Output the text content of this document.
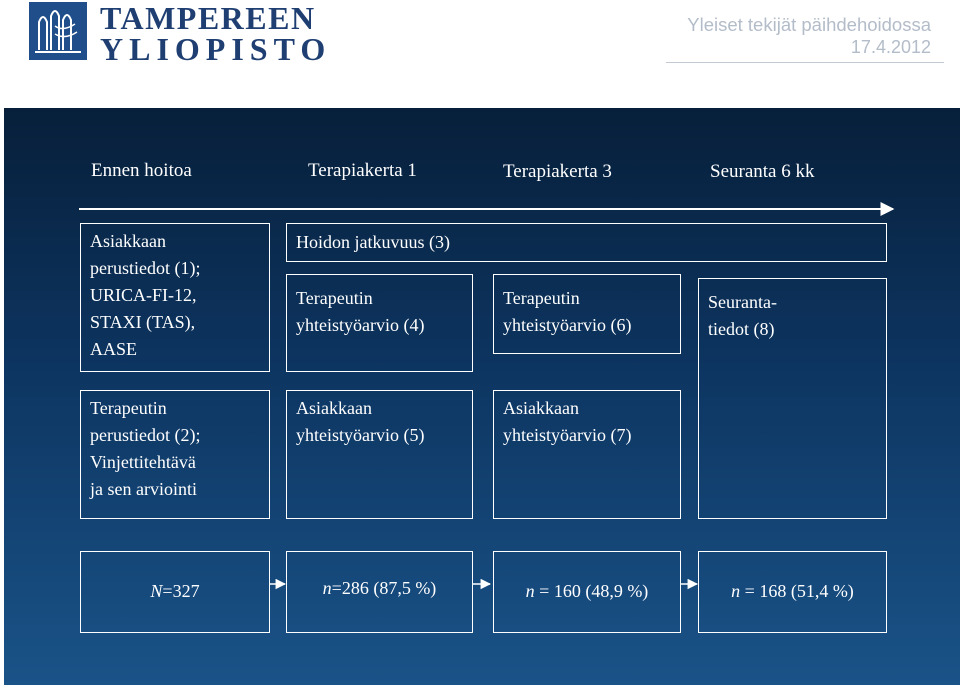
TAMPEREEN
YLIOPISTO
Yleiset tekijät päihdehoidossa
17.4.2012
Ennen hoitoa	Terapiakerta 1	Terapiakerta 3	Seuranta 6 kk
Asiakkaan
perustiedot (1);
URICA-FI-12,
STAXI (TAS),
AASE
Hoidon jatkuvuus (3)
Terapeutin
yhteistyöarvio (4)
Terapeutin
yhteistyöarvio (6)
Seuranta-
tiedot (8)
Terapeutin
perustiedot (2);
Vinjettitehtävä
ja sen arviointi
Asiakkaan
yhteistyöarvio (5)
Asiakkaan
yhteistyöarvio (7)
N=327	n=286 (87,5 %)	n = 160 (48,9 %)	n = 168 (51,4 %)
